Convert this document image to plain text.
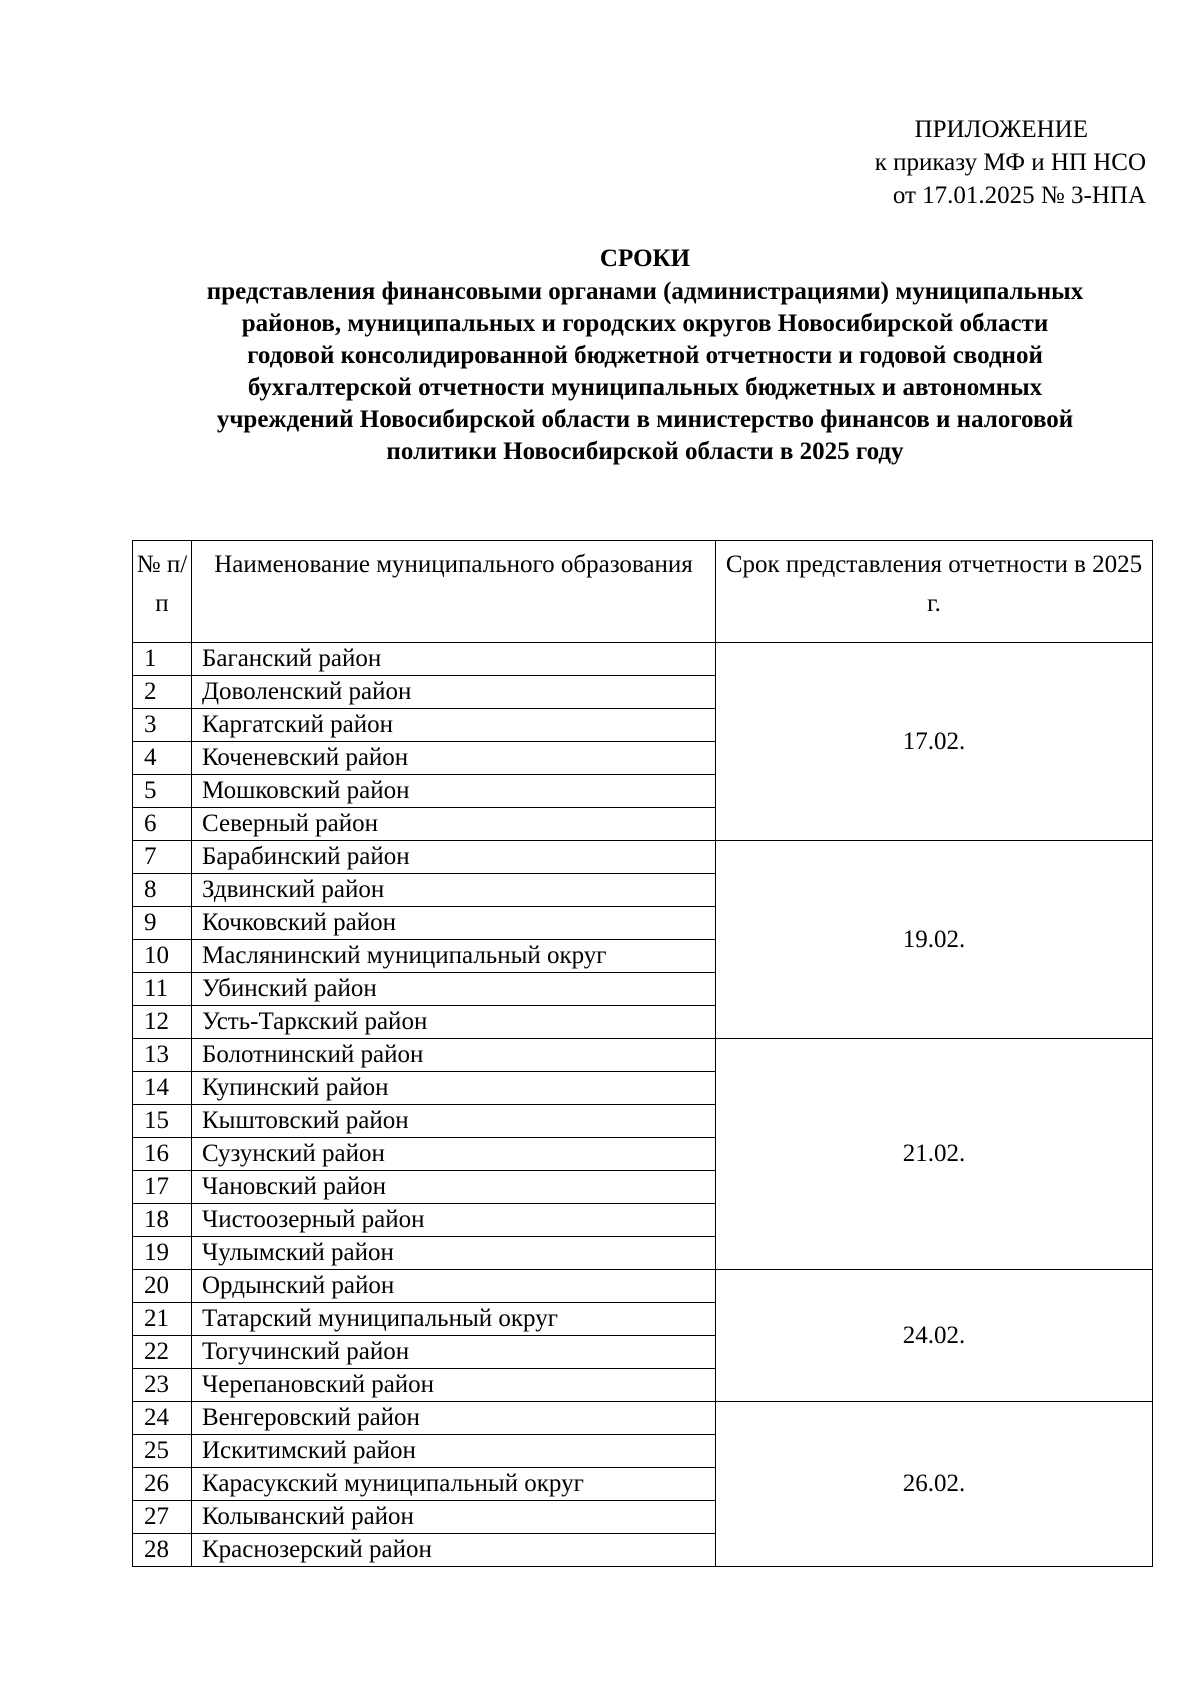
ПРИЛОЖЕНИЕ
к приказу МФ и НП НСО
от 17.01.2025 № 3-НПА
СРОКИ
представления финансовыми органами (администрациями) муниципальных
районов, муниципальных и городских округов Новосибирской области
годовой консолидированной бюджетной отчетности и годовой сводной
бухгалтерской отчетности муниципальных бюджетных и автономных
учреждений Новосибирской области в министерство финансов и налоговой
политики Новосибирской области в 2025 году
№ п/п	Наименование муниципального образования	Срок представления отчетности в 2025 г.
1	Баганский район	17.02.
2	Доволенский район	
3	Каргатский район	
4	Коченевский район	
5	Мошковский район	
6	Северный район	
7	Барабинский район	19.02.
8	Здвинский район	
9	Кочковский район	
10	Маслянинский муниципальный округ	
11	Убинский район	
12	Усть-Таркский район	
13	Болотнинский район	21.02.
14	Купинский район	
15	Кыштовский район	
16	Сузунский район	
17	Чановский район	
18	Чистоозерный район	
19	Чулымский район	
20	Ордынский район	24.02.
21	Татарский муниципальный округ	
22	Тогучинский район	
23	Черепановский район	
24	Венгеровский район	26.02.
25	Искитимский район	
26	Карасукский муниципальный округ	
27	Колыванский район	
28	Краснозерский район	
